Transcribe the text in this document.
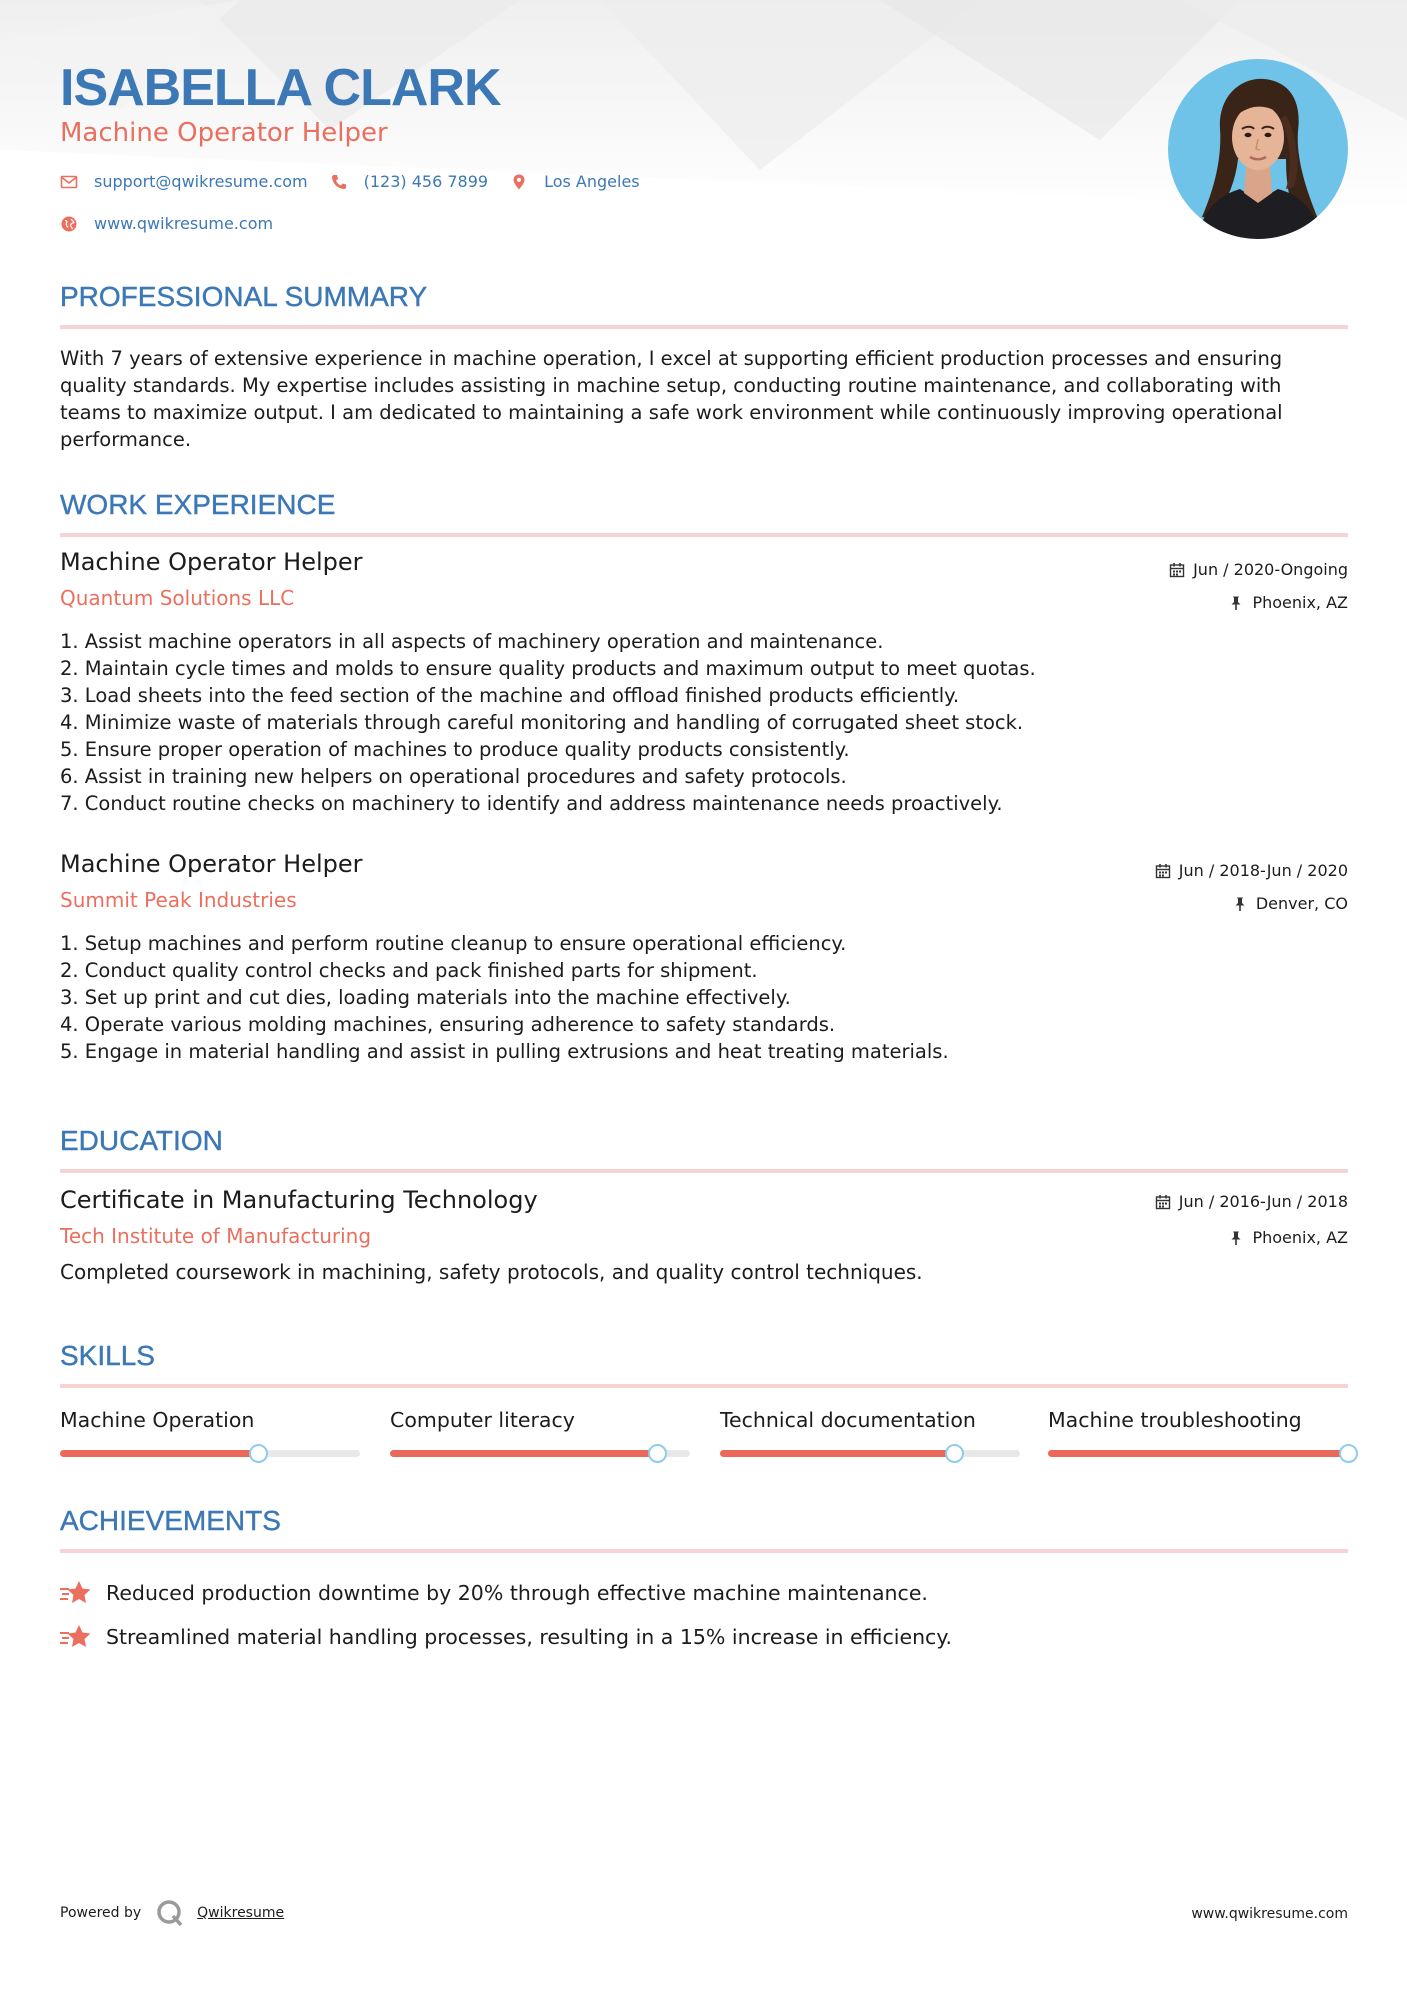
ISABELLA CLARK
Machine Operator Helper
support@qwikresume.com	(123) 456 7899	Los Angeles
www.qwikresume.com
PROFESSIONAL SUMMARY

With 7 years of extensive experience in machine operation, I excel at supporting efficient production processes and ensuring quality standards. My expertise includes assisting in machine setup, conducting routine maintenance, and collaborating with teams to maximize output. I am dedicated to maintaining a safe work environment while continuously improving operational performance.

WORK EXPERIENCE
Machine Operator Helper
Quantum Solutions LLC
Jun / 2020-Ongoing
Phoenix, AZ
1. Assist machine operators in all aspects of machinery operation and maintenance.
2. Maintain cycle times and molds to ensure quality products and maximum output to meet quotas.
3. Load sheets into the feed section of the machine and offload finished products efficiently.
4. Minimize waste of materials through careful monitoring and handling of corrugated sheet stock.
5. Ensure proper operation of machines to produce quality products consistently.
6. Assist in training new helpers on operational procedures and safety protocols.
7. Conduct routine checks on machinery to identify and address maintenance needs proactively.
Machine Operator Helper
Summit Peak Industries
Jun / 2018-Jun / 2020
Denver, CO
1. Setup machines and perform routine cleanup to ensure operational efficiency.
2. Conduct quality control checks and pack finished parts for shipment.
3. Set up print and cut dies, loading materials into the machine effectively.
4. Operate various molding machines, ensuring adherence to safety standards.
5. Engage in material handling and assist in pulling extrusions and heat treating materials.
EDUCATION
Certificate in Manufacturing Technology
Tech Institute of Manufacturing
Jun / 2016-Jun / 2018
Phoenix, AZ
Completed coursework in machining, safety protocols, and quality control techniques.
SKILLS
Machine Operation	Computer literacy	Technical documentation	Machine troubleshooting
ACHIEVEMENTS
Reduced production downtime by 20% through effective machine maintenance.
Streamlined material handling processes, resulting in a 15% increase in efficiency.
Powered by	Qwikresume	www.qwikresume.com
